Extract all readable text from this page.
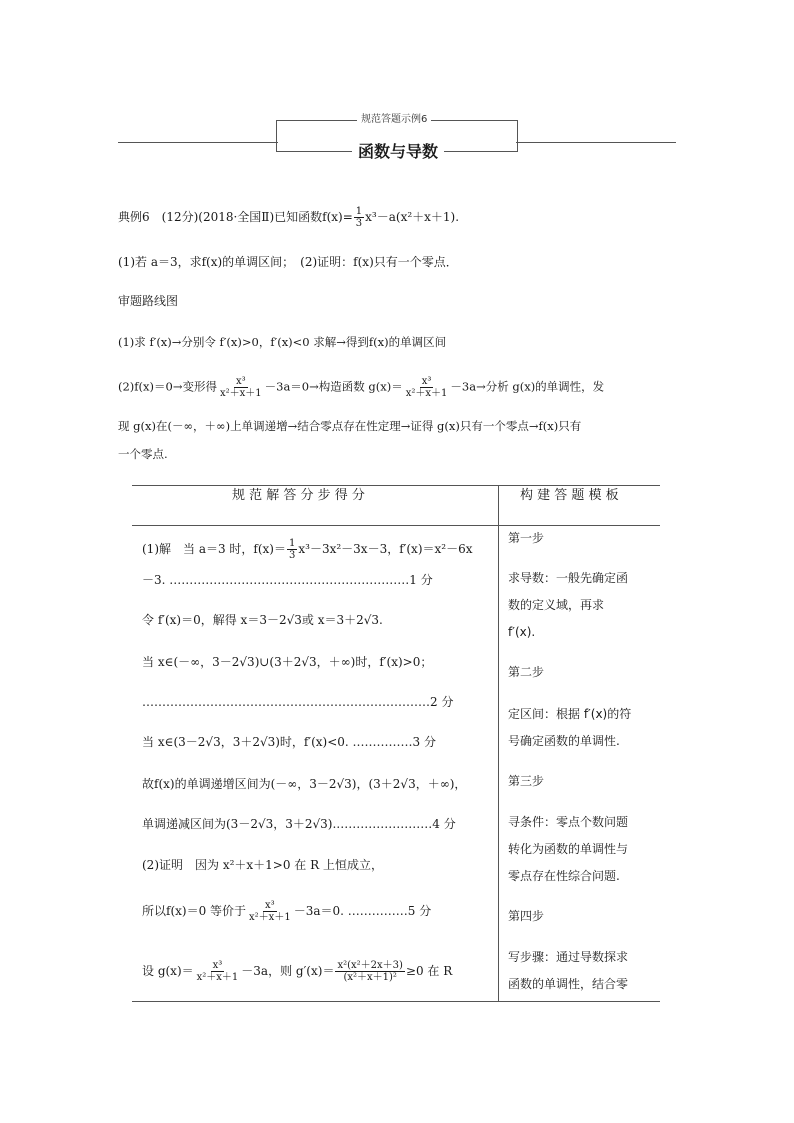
规范答题示例6
函数与导数
典例6　(12分)(2018·全国Ⅱ)已知函数$f(x)= \frac{1}{3} x^3-a(x^2+x+1)$.
(1)若 a＝3，求f(x)的单调区间；　(2)证明：f(x)只有一个零点．
审题路线图
(1)求 f′(x)→分别令 f′(x)>0，f′(x)<0 求解→得到f(x)的单调区间
(2)f(x)＝0→变形得 $\frac{\text{x³}}{\text{x²＋x＋1}} -3a=0\to$构造函数 $g(x)= \frac{\text{x³}}{\text{x²＋x＋1}} -3a\to$分析 g(x)的单调性，发
现 g(x)在(－∞，＋∞)上单调递增→结合零点存在性定理→证得 g(x)只有一个零点→f(x)只有
一个零点.
规 范 解 答 分 步 得 分	构 建 答 题 模 板
(1)解　当 a＝3 时，$f(x)= \frac{1}{3} x^3-3x^2-3x-3$，f′(x)＝x²－6x
－3. ……………………………………………………1 分
令 f′(x)＝0，解得 x＝3－2√3或 x＝3＋2√3.
当 x∈(－∞，3－2√3)∪(3＋2√3，＋∞)时，f′(x)>0；
………………………………………………………………2 分
当 x∈(3－2√3，3＋2√3)时，f′(x)<0. ……………3 分
故f(x)的单调递增区间为(－∞，3－2√3)，(3＋2√3，＋∞)，
单调递减区间为(3－2√3，3＋2√3).……………………4 分
(2)证明　因为 x²＋x＋1>0 在 R 上恒成立，
所以f(x)＝0 等价于 $\frac{\text{x³}}{\text{x²＋x＋1}} -3a=0$. ……………5 分
设 $g(x)= \frac{\text{x³}}{\text{x²＋x＋1}} -3a$，则 $g'(x)= \frac{\text{x²(x²＋2x＋3)}}{\text{(x²＋x＋1)²}} \ge 0$ 在 R
第一步
求导数：一般先确定函
数的定义域，再求
f′(x).
第二步
定区间：根据 f′(x)的符
号确定函数的单调性.
第三步
寻条件：零点个数问题
转化为函数的单调性与
零点存在性综合问题.
第四步
写步骤：通过导数探求
函数的单调性，结合零
